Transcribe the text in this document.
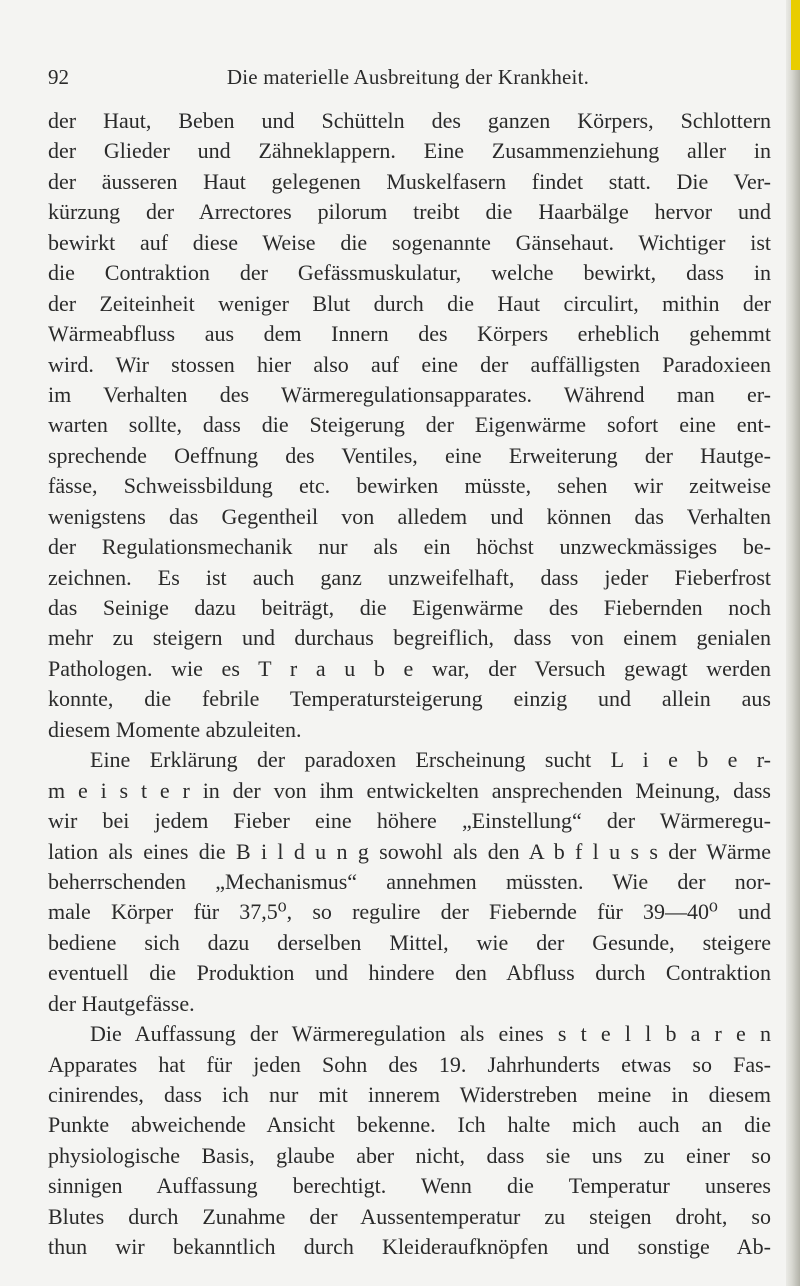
92	Die materielle Ausbreitung der Krankheit.
der Haut, Beben und Schütteln des ganzen Körpers, Schlottern
der Glieder und Zähneklappern. Eine Zusammenziehung aller in
der äusseren Haut gelegenen Muskelfasern findet statt. Die Ver-
kürzung der Arrectores pilorum treibt die Haarbälge hervor und
bewirkt auf diese Weise die sogenannte Gänsehaut. Wichtiger ist
die Contraktion der Gefässmuskulatur, welche bewirkt, dass in
der Zeiteinheit weniger Blut durch die Haut circulirt, mithin der
Wärmeabfluss aus dem Innern des Körpers erheblich gehemmt
wird. Wir stossen hier also auf eine der auffälligsten Paradoxieen
im Verhalten des Wärmeregulationsapparates. Während man er-
warten sollte, dass die Steigerung der Eigenwärme sofort eine ent-
sprechende Oeffnung des Ventiles, eine Erweiterung der Hautge-
fässe, Schweissbildung etc. bewirken müsste, sehen wir zeitweise
wenigstens das Gegentheil von alledem und können das Verhalten
der Regulationsmechanik nur als ein höchst unzweckmässiges be-
zeichnen. Es ist auch ganz unzweifelhaft, dass jeder Fieberfrost
das Seinige dazu beiträgt, die Eigenwärme des Fiebernden noch
mehr zu steigern und durchaus begreiflich, dass von einem genialen
Pathologen. wie es T r a u b e war, der Versuch gewagt werden
konnte, die febrile Temperatursteigerung einzig und allein aus
diesem Momente abzuleiten.
Eine Erklärung der paradoxen Erscheinung sucht L i e b e r-
m e i s t e r in der von ihm entwickelten ansprechenden Meinung, dass
wir bei jedem Fieber eine höhere „Einstellung“ der Wärmeregu-
lation als eines die B i l d u n g sowohl als den A b f l u s s der Wärme
beherrschenden „Mechanismus“ annehmen müssten. Wie der nor-
male Körper für 37,5⁰, so regulire der Fiebernde für 39—40⁰ und
bediene sich dazu derselben Mittel, wie der Gesunde, steigere
eventuell die Produktion und hindere den Abfluss durch Contraktion
der Hautgefässe.
Die Auffassung der Wärmeregulation als eines s t e l l b a r e n
Apparates hat für jeden Sohn des 19. Jahrhunderts etwas so Fas-
cinirendes, dass ich nur mit innerem Widerstreben meine in diesem
Punkte abweichende Ansicht bekenne. Ich halte mich auch an die
physiologische Basis, glaube aber nicht, dass sie uns zu einer so
sinnigen Auffassung berechtigt. Wenn die Temperatur unseres
Blutes durch Zunahme der Aussentemperatur zu steigen droht, so
thun wir bekanntlich durch Kleideraufknöpfen und sonstige Ab-
